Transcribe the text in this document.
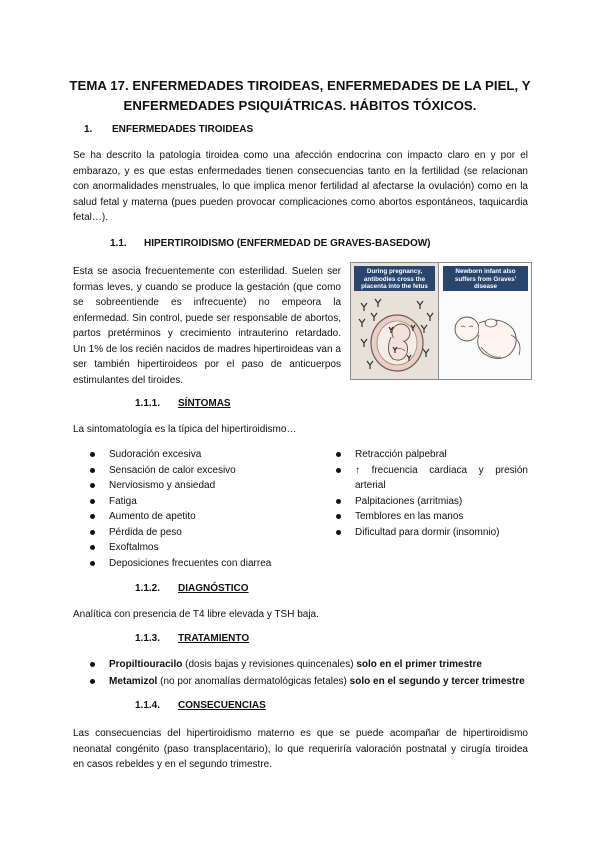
TEMA 17. ENFERMEDADES TIROIDEAS, ENFERMEDADES DE LA PIEL, Y
ENFERMEDADES PSIQUIÁTRICAS. HÁBITOS TÓXICOS.
1. ENFERMEDADES TIROIDEAS
Se ha descrito la patología tiroidea como una afección endocrina con impacto claro en y por el
embarazo, y es que estas enfermedades tienen consecuencias tanto en la fertilidad (se relacionan
con anormalidades menstruales, lo que implica menor fertilidad al afectarse la ovulación) como en la
salud fetal y materna (pues pueden provocar complicaciones como abortos espontáneos, taquicardia
fetal…).
1.1. HIPERTIROIDISMO (ENFERMEDAD DE GRAVES-BASEDOW)
Esta se asocia frecuentemente con esterilidad. Suelen ser
formas leves, y cuando se produce la gestación (que como
se sobreentiende es infrecuente) no empeora la
enfermedad. Sin control, puede ser responsable de abortos,
partos pretérminos y crecimiento intrauterino retardado.
Un 1% de los recién nacidos de madres hipertiroideas van a
ser también hipertiroideos por el paso de anticuerpos
estimulantes del tiroides.
During pregnancy, antibodies cross the placenta into the fetus
Newborn infant also suffers from Graves' disease
1.1.1. SÍNTOMAS
La sintomatología es la típica del hipertiroidismo…
Sudoración excesiva
Sensación de calor excesivo
Nerviosismo y ansiedad
Fatiga
Aumento de apetito
Pérdida de peso
Exoftalmos
Deposiciones frecuentes con diarrea
Retracción palpebral
↑ frecuencia cardiaca y presión
arterial
Palpitaciones (arritmias)
Temblores en las manos
Dificultad para dormir (insomnio)
1.1.2. DIAGNÓSTICO
Analítica con presencia de T4 libre elevada y TSH baja.
1.1.3. TRATAMIENTO
Propiltiouracilo (dosis bajas y revisiones quincenales) solo en el primer trimestre
Metamizol (no por anomalías dermatológicas fetales) solo en el segundo y tercer trimestre
1.1.4. CONSECUENCIAS
Las consecuencias del hipertiroidismo materno es que se puede acompañar de hipertiroidismo
neonatal congénito (paso transplacentario), lo que requeriría valoración postnatal y cirugía tiroidea
en casos rebeldes y en el segundo trimestre.
